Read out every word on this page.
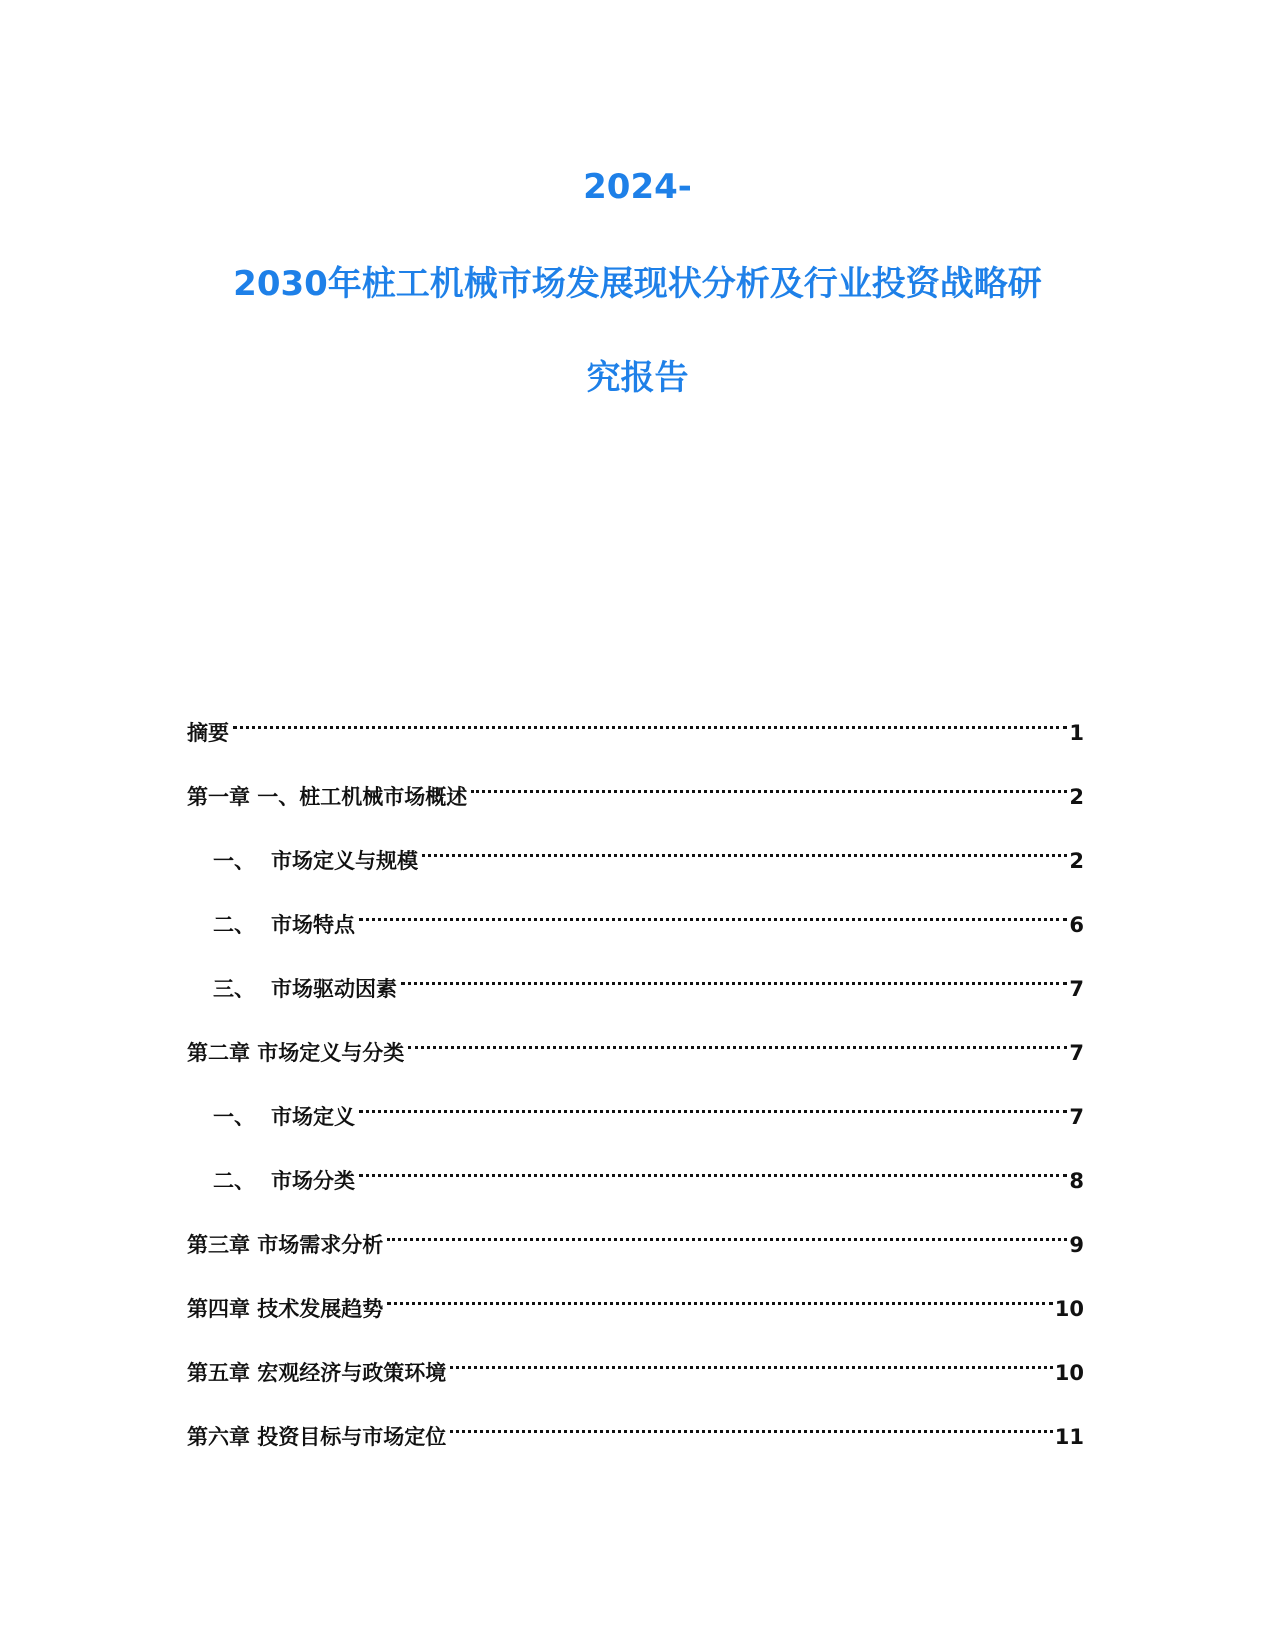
2024-
2030年桩工机械市场发展现状分析及行业投资战略研
究报告
摘要	1
第一章 一、桩工机械市场概述	2
一、 市场定义与规模	2
二、 市场特点	6
三、 市场驱动因素	7
第二章 市场定义与分类	7
一、 市场定义	7
二、 市场分类	8
第三章 市场需求分析	9
第四章 技术发展趋势	10
第五章 宏观经济与政策环境	10
第六章 投资目标与市场定位	11
